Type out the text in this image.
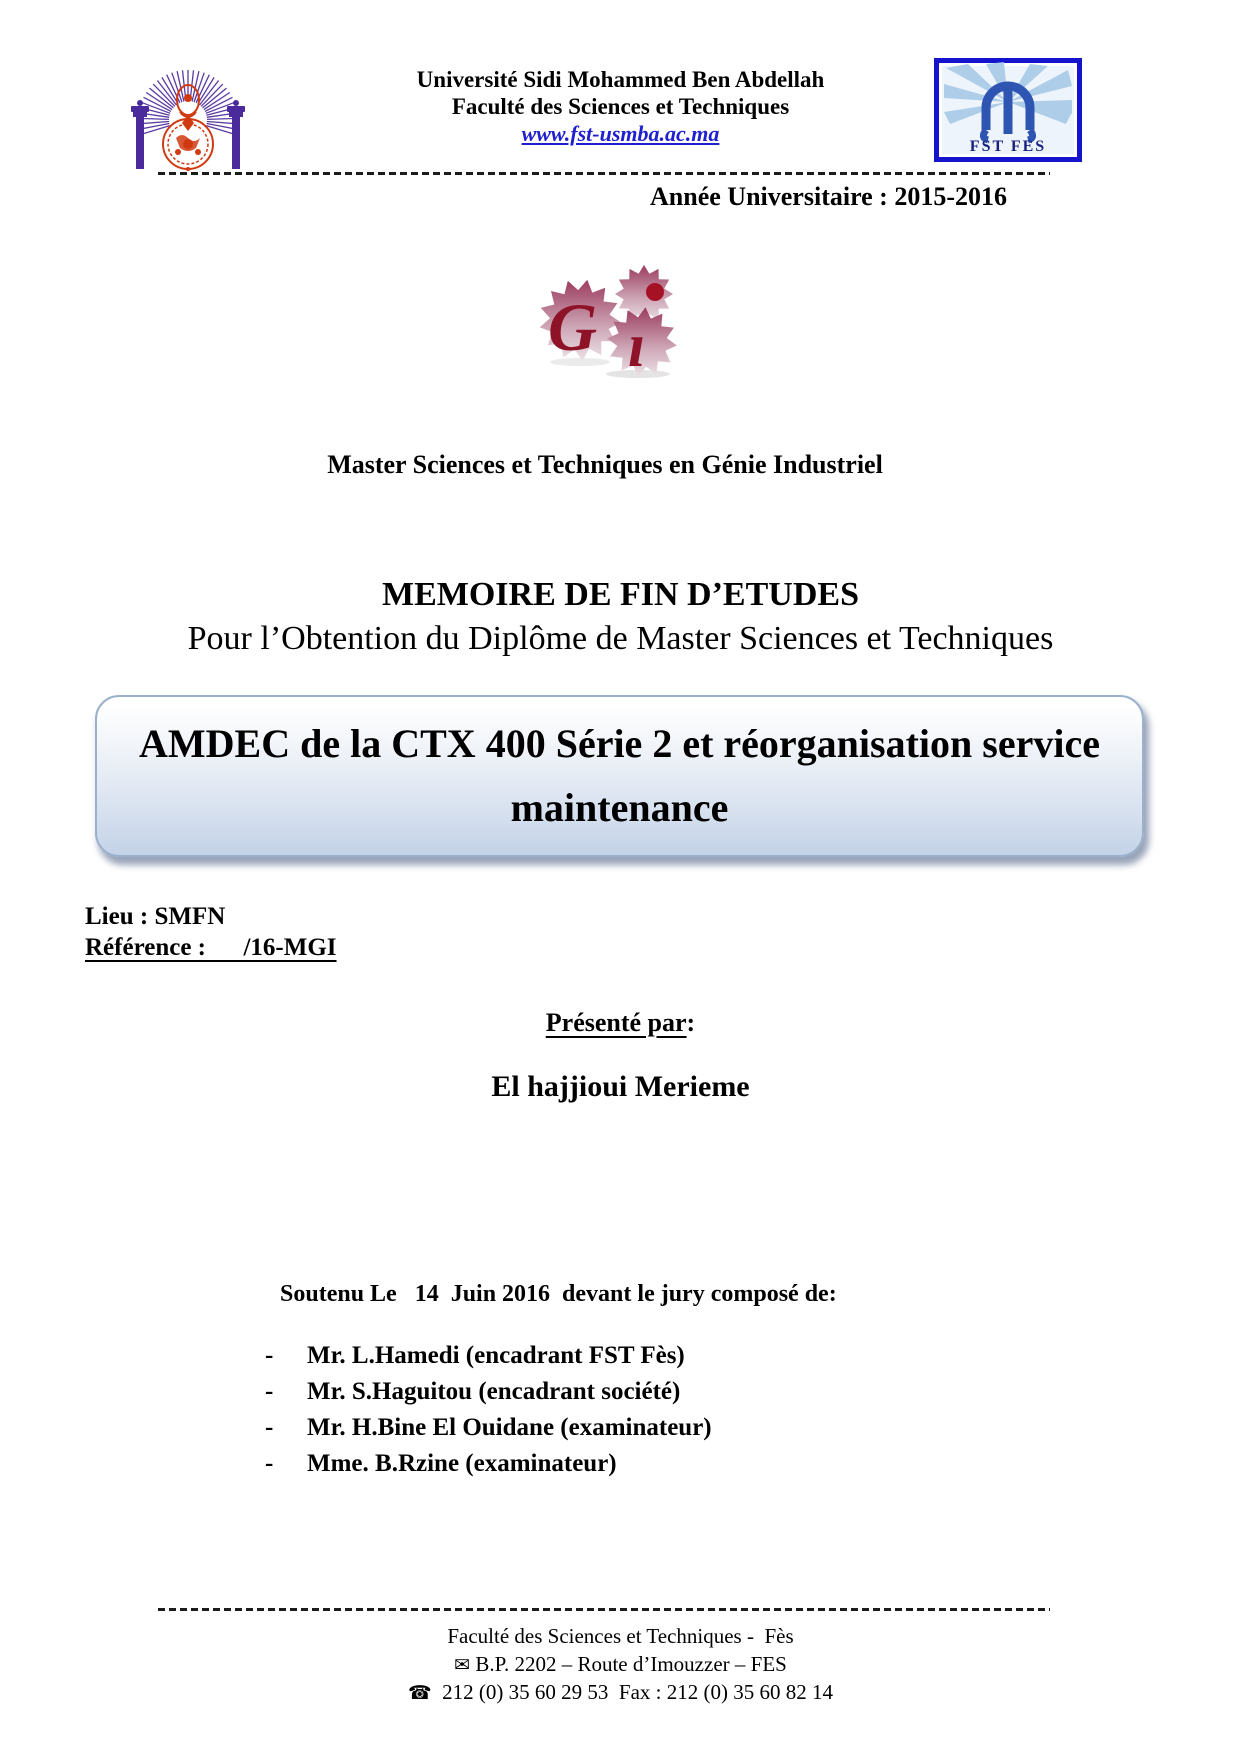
Université Sidi Mohammed Ben Abdellah
Faculté des Sciences et Techniques
www.fst-usmba.ac.ma
FST FES
Année Universitaire : 2015-2016
G ı
Master Sciences et Techniques en Génie Industriel
MEMOIRE DE FIN D’ETUDES
Pour l’Obtention du Diplôme de Master Sciences et Techniques
AMDEC de la CTX 400 Série 2 et réorganisation service maintenance
Lieu : SMFN
Référence :      /16-MGI
Présenté par:
El hajjioui Merieme
Soutenu Le   14  Juin 2016  devant le jury composé de:
-	Mr. L.Hamedi (encadrant FST Fès)
-	Mr. S.Haguitou (encadrant société)
-	Mr. H.Bine El Ouidane (examinateur)
-	Mme. B.Rzine (examinateur)
Faculté des Sciences et Techniques -  Fès
✉ B.P. 2202 – Route d’Imouzzer – FES
☎ 212 (0) 35 60 29 53  Fax : 212 (0) 35 60 82 14
